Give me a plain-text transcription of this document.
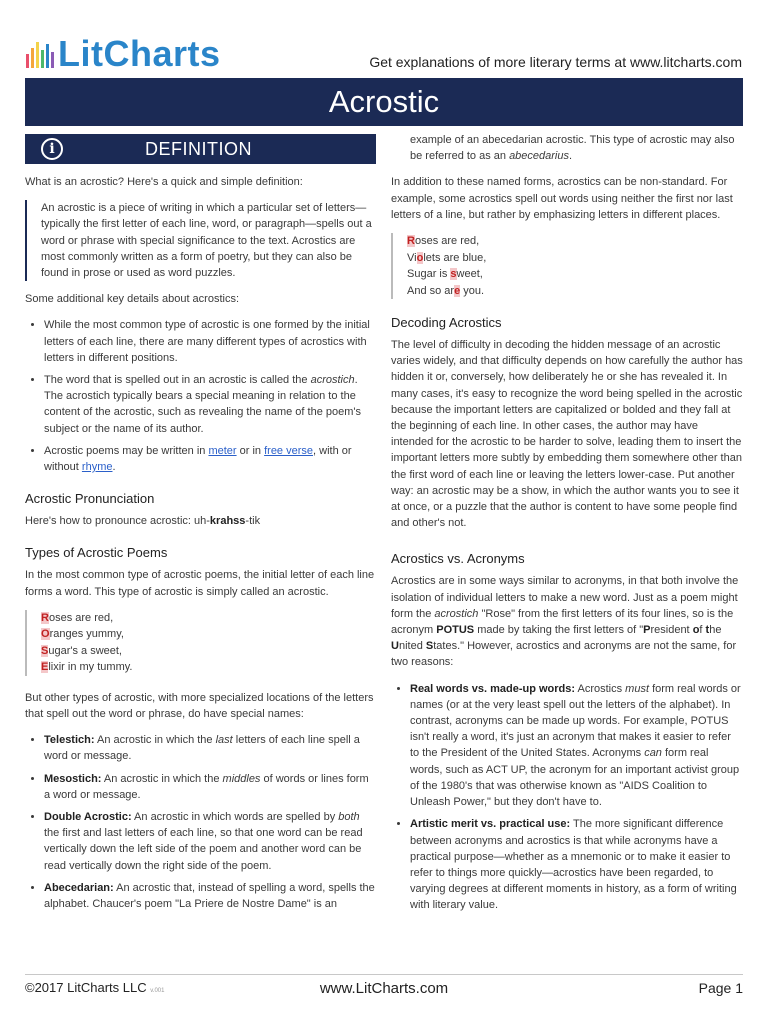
LitCharts	Get explanations of more literary terms at www.litcharts.com
Acrostic
i	DEFINITION

What is an acrostic? Here's a quick and simple definition:

An acrostic is a piece of writing in which a particular set of letters—typically the first letter of each line, word, or paragraph—spells out a word or phrase with special significance to the text. Acrostics are most commonly written as a form of poetry, but they can also be found in prose or used as word puzzles.

Some additional key details about acrostics:

• While the most common type of acrostic is one formed by the initial letters of each line, there are many different types of acrostics with letters in different positions.
• The word that is spelled out in an acrostic is called the acrostich. The acrostich typically bears a special meaning in relation to the content of the acrostic, such as revealing the name of the poem's subject or the name of its author.
• Acrostic poems may be written in meter or in free verse, with or without rhyme.
Acrostic Pronunciation

Here's how to pronounce acrostic: uh-krahss-tik

Types of Acrostic Poems

In the most common type of acrostic poems, the initial letter of each line forms a word. This type of acrostic is simply called an acrostic.

Roses are red,
Oranges yummy,
Sugar's a sweet,
Elixir in my tummy.

But other types of acrostic, with more specialized locations of the letters that spell out the word or phrase, do have special names:

• Telestich: An acrostic in which the last letters of each line spell a word or message.
• Mesostich: An acrostic in which the middles of words or lines form a word or message.
• Double Acrostic: An acrostic in which words are spelled by both the first and last letters of each line, so that one word can be read vertically down the left side of the poem and another word can be read vertically down the right side of the poem.
• Abecedarian: An acrostic that, instead of spelling a word, spells the alphabet. Chaucer's poem "La Priere de Nostre Dame" is an

example of an abecedarian acrostic. This type of acrostic may also be referred to as an abecedarius.

In addition to these named forms, acrostics can be non-standard. For example, some acrostics spell out words using neither the first nor last letters of a line, but rather by emphasizing letters in different places.

Roses are red,
Violets are blue,
Sugar is sweet,
And so are you.
Decoding Acrostics

The level of difficulty in decoding the hidden message of an acrostic varies widely, and that difficulty depends on how carefully the author has hidden it or, conversely, how deliberately he or she has revealed it. In many cases, it's easy to recognize the word being spelled in the acrostic because the important letters are capitalized or bolded and they fall at the beginning of each line. In other cases, the author may have intended for the acrostic to be harder to solve, leading them to insert the important letters more subtly by embedding them somewhere other than the first word of each line or leaving the letters lower-case. Put another way: an acrostic may be a show, in which the author wants you to see it at once, or a puzzle that the author is content to have some people find and other's not.

Acrostics vs. Acronyms

Acrostics are in some ways similar to acronyms, in that both involve the isolation of individual letters to make a new word. Just as a poem might form the acrostich "Rose" from the first letters of its four lines, so is the acronym POTUS made by taking the first letters of "President of the United States." However, acrostics and acronyms are not the same, for two reasons:

• Real words vs. made-up words: Acrostics must form real words or names (or at the very least spell out the letters of the alphabet). In contrast, acronyms can be made up words. For example, POTUS isn't really a word, it's just an acronym that makes it easier to refer to the President of the United States. Acronyms can form real words, such as ACT UP, the acronym for an important activist group of the 1980's that was otherwise known as "AIDS Coalition to Unleash Power," but they don't have to.
• Artistic merit vs. practical use: The more significant difference between acronyms and acrostics is that while acronyms have a practical purpose—whether as a mnemonic or to make it easier to refer to things more quickly—acrostics have been regarded, to varying degrees at different moments in history, as a form of writing with literary value.
©2017 LitCharts LLC v.001	www.LitCharts.com	Page 1
